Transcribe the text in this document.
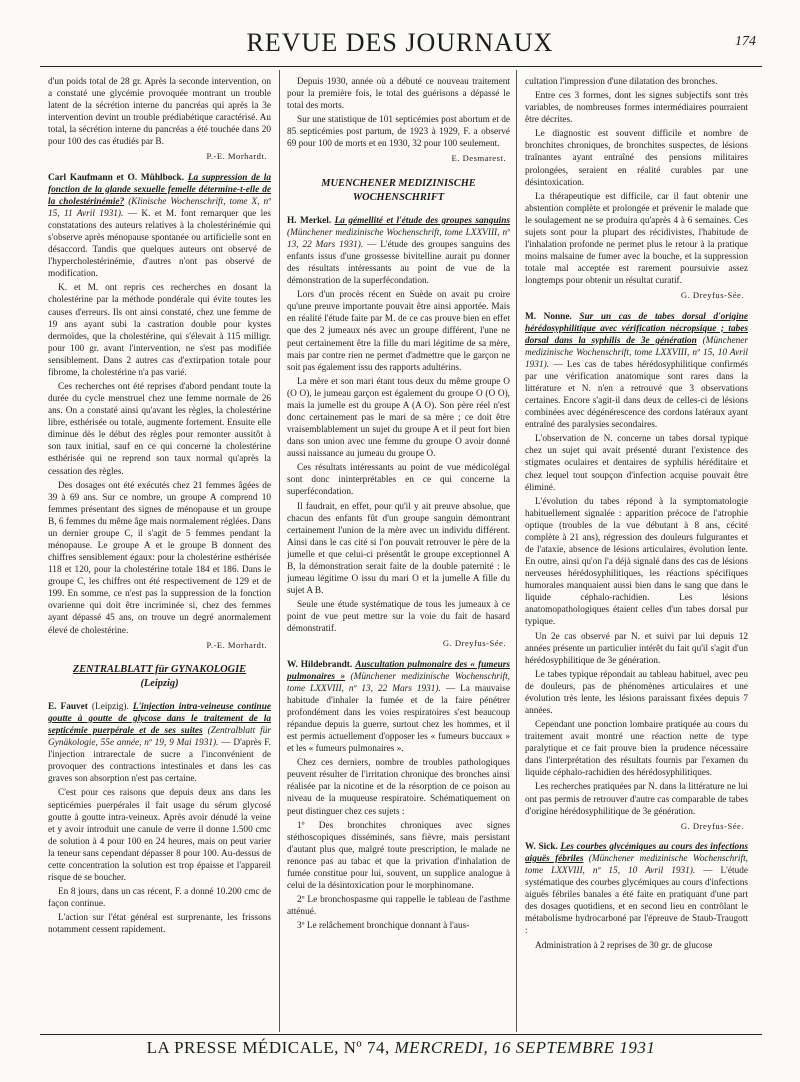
REVUE DES JOURNAUX	174

d'un poids total de 28 gr. Après la seconde intervention, on a constaté une glycémie provoquée montrant un trouble latent de la sécrétion interne du pancréas qui après la 3e intervention devint un trouble prédiabétique caractérisé. Au total, la sécrétion interne du pancréas a été touchée dans 20 pour 100 des cas étudiés par B.

P.-E. Morhardt.

Carl Kaufmann et O. Mühlbock. La suppression de la fonction de la glande sexuelle femelle détermine-t-elle de la cholestérinémie? (Klinische Wochenschrift, tome X, nº 15, 11 Avril 1931). — K. et M. font remarquer que les constatations des auteurs relatives à la cholestérinémie qui s'observe après ménopause spontanée ou artificielle sont en désaccord. Tandis que quelques auteurs ont observé de l'hypercholestérinémie, d'autres n'ont pas observé de modification.

K. et M. ont repris ces recherches en dosant la cholestérine par la méthode pondérale qui évite toutes les causes d'erreurs. Ils ont ainsi constaté, chez une femme de 19 ans ayant subi la castration double pour kystes dermoïdes, que la cholestérine, qui s'élevait à 115 milligr. pour 100 gr. avant l'intervention, ne s'est pas modifiée sensiblement. Dans 2 autres cas d'extirpation totale pour fibrome, la cholestérine n'a pas varié.

Ces recherches ont été reprises d'abord pendant toute la durée du cycle menstruel chez une femme normale de 26 ans. On a constaté ainsi qu'avant les règles, la cholestérine libre, esthérisée ou totale, augmente fortement. Ensuite elle diminue dès le début des règles pour remonter aussitôt à son taux initial, sauf en ce qui concerne la cholestérine esthérisée qui ne reprend son taux normal qu'après la cessation des règles.

Des dosages ont été exécutés chez 21 femmes âgées de 39 à 69 ans. Sur ce nombre, un groupe A comprend 10 femmes présentant des signes de ménopause et un groupe B, 6 femmes du même âge mais normalement réglées. Dans un dernier groupe C, il s'agit de 5 femmes pendant la ménopause. Le groupe A et le groupe B donnent des chiffres sensiblement égaux: pour la cholestérine esthérisée 118 et 120, pour la cholestérine totale 184 et 186. Dans le groupe C, les chiffres ont été respectivement de 129 et de 199. En somme, ce n'est pas la suppression de la fonction ovarienne qui doit être incriminée si, chez des femmes ayant dépassé 45 ans, on trouve un degré anormalement élevé de cholestérine.

P.-E. Morhardt.
ZENTRALBLATT für GYNAKOLOGIE
(Leipzig)

E. Fauvet (Leipzig). L'injection intra-veineuse continue goutte à goutte de glycose dans le traitement de la septicémie puerpérale et de ses suites (Zentralblatt für Gynäkologie, 55e année, nº 19, 9 Mai 1931). — D'après F. l'injection intrarectale de sucre a l'inconvénient de provoquer des contractions intestinales et dans les cas graves son absorption n'est pas certaine.

C'est pour ces raisons que depuis deux ans dans les septicémies puerpérales il fait usage du sérum glycosé goutte à goutte intra-veineux. Après avoir dénudé la veine et y avoir introduit une canule de verre il donne 1.500 cmc de solution à 4 pour 100 en 24 heures, mais on peut varier la teneur sans cependant dépasser 8 pour 100. Au-dessus de cette concentration la solution est trop épaisse et l'appareil risque de se boucher.

En 8 jours, dans un cas récent, F. a donné 10.200 cmc de façon continue.

L'action sur l'état général est surprenante, les frissons notamment cessent rapidement.

Depuis 1930, année où a débuté ce nouveau traitement pour la première fois, le total des guérisons a dépassé le total des morts.

Sur une statistique de 101 septicémies post abortum et de 85 septicémies post partum, de 1923 à 1929, F. a observé 69 pour 100 de morts et en 1930, 32 pour 100 seulement.

E. Desmarest.
MUENCHENER MEDIZINISCHE WOCHENSCHRIFT

H. Merkel. La gémellité et l'étude des groupes sanguins (Münchener medizinische Wochenschrift, tome LXXVIII, nº 13, 22 Mars 1931). — L'étude des groupes sanguins des enfants issus d'une grossesse bivitelline aurait pu donner des résultats intéressants au point de vue de la démonstration de la superfécondation.

Lors d'un procès récent en Suède on avait pu croire qu'une preuve importante pouvait être ainsi apportée. Mais en réalité l'étude faite par M. de ce cas prouve bien en effet que des 2 jumeaux nés avec un groupe différent, l'une ne peut certainement être la fille du mari légitime de sa mère, mais par contre rien ne permet d'admettre que le garçon ne soit pas également issu des rapports adultérins.

La mère et son mari étant tous deux du même groupe O (O O), le jumeau garçon est également du groupe O (O O), mais la jumelle est du groupe A (A O). Son père réel n'est donc certainement pas le mari de sa mère ; ce doit être vraisemblablement un sujet du groupe A et il peut fort bien dans son union avec une femme du groupe O avoir donné aussi naissance au jumeau du groupe O.

Ces résultats intéressants au point de vue médicolégal sont donc ininterprétables en ce qui concerne la superfécondation.

Il faudrait, en effet, pour qu'il y ait preuve absolue, que chacun des enfants fût d'un groupe sanguin démontrant certainement l'union de la mère avec un individu différent. Ainsi dans le cas cité si l'on pouvait retrouver le père de la jumelle et que celui-ci présentât le groupe exceptionnel A B, la démonstration serait faite de la double paternité : le jumeau légitime O issu du mari O et la jumelle A fille du sujet A B.

Seule une étude systématique de tous les jumeaux à ce point de vue peut mettre sur la voie du fait de hasard démonstratif.

G. Dreyfus-Sée.

W. Hildebrandt. Auscultation pulmonaire des « fumeurs pulmonaires » (Münchener medizinische Wochenschrift, tome LXXVIII, nº 13, 22 Mars 1931). — La mauvaise habitude d'inhaler la fumée et de la faire pénétrer profondément dans les voies respiratoires s'est beaucoup répandue depuis la guerre, surtout chez les hommes, et il est permis actuellement d'opposer les « fumeurs buccaux » et les « fumeurs pulmonaires ».

Chez ces derniers, nombre de troubles pathologiques peuvent résulter de l'irritation chronique des bronches ainsi réalisée par la nicotine et de la résorption de ce poison au niveau de la muqueuse respiratoire. Schématiquement on peut distinguer chez ces sujets :

1º Des bronchites chroniques avec signes stéthoscopiques disséminés, sans fièvre, mais persistant d'autant plus que, malgré toute prescription, le malade ne renonce pas au tabac et que la privation d'inhalation de fumée constitue pour lui, souvent, un supplice analogue à celui de la désintoxication pour le morphinomane.

2º Le bronchospasme qui rappelle le tableau de l'asthme atténué.

3º Le relâchement bronchique donnant à l'aus-

cultation l'impression d'une dilatation des bronches.

Entre ces 3 formes, dont les signes subjectifs sont très variables, de nombreuses formes intermédiaires pourraient être décrites.

Le diagnostic est souvent difficile et nombre de bronchites chroniques, de bronchites suspectes, de lésions traînantes ayant entraîné des pensions militaires prolongées, seraient en réalité curables par une désintoxication.

La thérapeutique est difficile, car il faut obtenir une abstention complète et prolongée et prévenir le malade que le soulagement ne se produira qu'après 4 à 6 semaines. Ces sujets sont pour la plupart des récidivistes, l'habitude de l'inhalation profonde ne permet plus le retour à la pratique moins malsaine de fumer avec la bouche, et la suppression totale mal acceptée est rarement poursuivie assez longtemps pour obtenir un résultat curatif.

G. Dreyfus-Sée.

M. Nonne. Sur un cas de tabes dorsal d'origine hérédosyphilitique avec vérification nécropsique ; tabes dorsal dans la syphilis de 3e génération (Münchener medizinische Wochenschrift, tome LXXVIII, nº 15, 10 Avril 1931). — Les cas de tabes hérédosyphilitique confirmés par une vérification anatomique sont rares dans la littérature et N. n'en a retrouvé que 3 observations certaines. Encore s'agit-il dans deux de celles-ci de lésions combinées avec dégénérescence des cordons latéraux ayant entraîné des paralysies secondaires.

L'observation de N. concerne un tabes dorsal typique chez un sujet qui avait présenté durant l'existence des stigmates oculaires et dentaires de syphilis héréditaire et chez lequel tout soupçon d'infection acquise pouvait être éliminé.

L'évolution du tabes répond à la symptomatologie habituellement signalée : apparition précoce de l'atrophie optique (troubles de la vue débutant à 8 ans, cécité complète à 21 ans), régression des douleurs fulgurantes et de l'ataxie, absence de lésions articulaires, évolution lente. En outre, ainsi qu'on l'a déjà signalé dans des cas de lésions nerveuses hérédosyphilitiques, les réactions spécifiques humorales manquaient aussi bien dans le sang que dans le liquide céphalo-rachidien. Les lésions anatomopathologiques étaient celles d'un tabes dorsal pur typique.

Un 2e cas observé par N. et suivi par lui depuis 12 années présente un particulier intérêt du fait qu'il s'agit d'un hérédosyphilitique de 3e génération.

Le tabes typique répondait au tableau habituel, avec peu de douleurs, pas de phénomènes articulaires et une évolution très lente, les lésions paraissant fixées depuis 7 années.

Cependant une ponction lombaire pratiquée au cours du traitement avait montré une réaction nette de type paralytique et ce fait prouve bien la prudence nécessaire dans l'interprétation des résultats fournis par l'examen du liquide céphalo-rachidien des hérédosyphilitiques.

Les recherches pratiquées par N. dans la littérature ne lui ont pas permis de retrouver d'autre cas comparable de tabes d'origine hérédosyphilitique de 3e génération.

G. Dreyfus-Sée.

W. Sick. Les courbes glycémiques au cours des infections aiguës fébriles (Münchener medizinische Wochenschrift, tome LXXVIII, nº 15, 10 Avril 1931). — L'étude systématique des courbes glycémiques au cours d'infections aiguës fébriles banales a été faite en pratiquant d'une part des dosages quotidiens, et en second lieu en contrôlant le métabolisme hydrocarboné par l'épreuve de Staub-Traugott :

Administration à 2 reprises de 30 gr. de glucose

LA PRESSE MÉDICALE, Nº 74, MERCREDI, 16 SEPTEMBRE 1931
